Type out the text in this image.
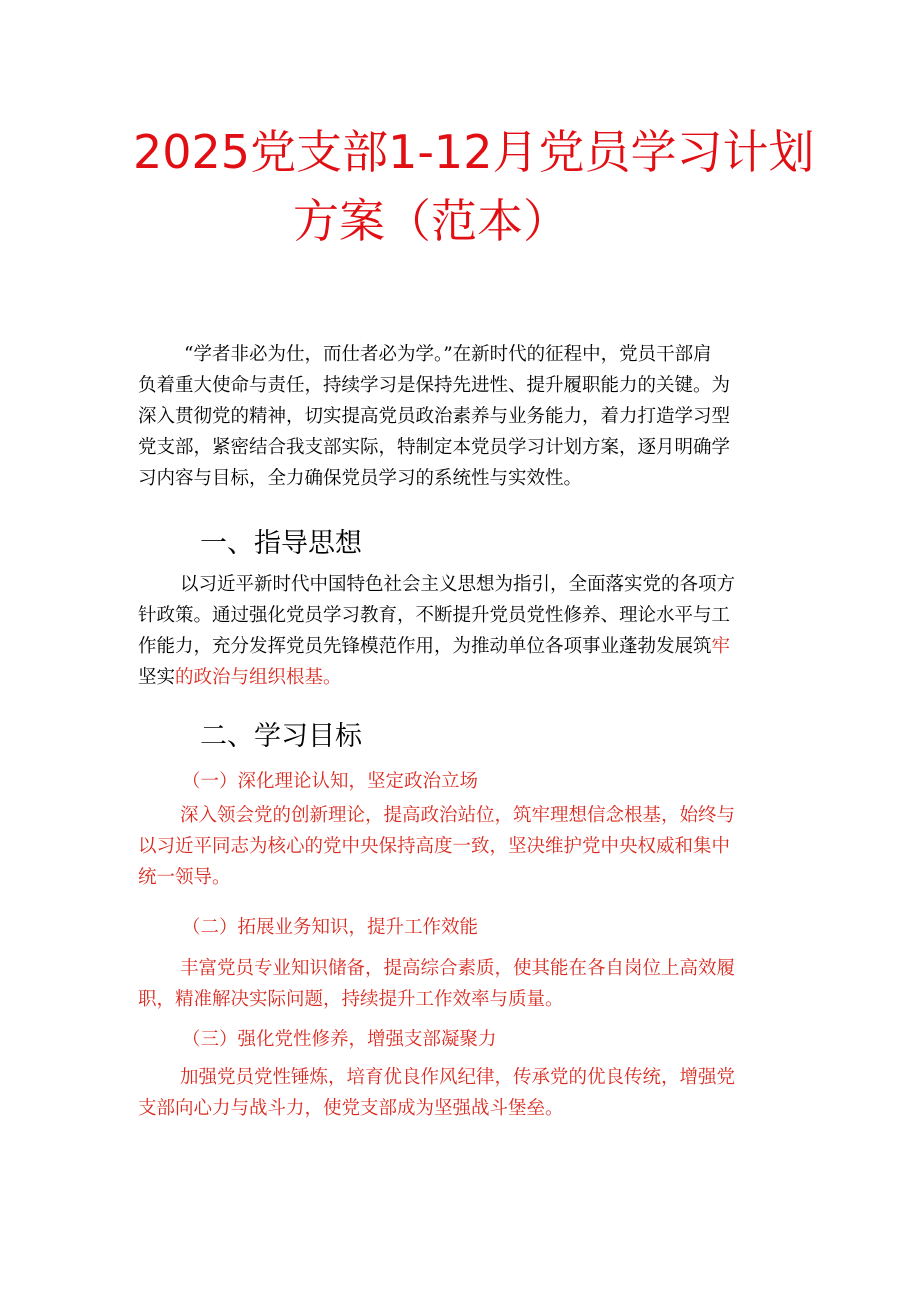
2025党支部1-12月党员学习计划
方案（范本）
“学者非必为仕，而仕者必为学。”在新时代的征程中，党员干部肩
负着重大使命与责任，持续学习是保持先进性、提升履职能力的关键。为
深入贯彻党的精神，切实提高党员政治素养与业务能力，着力打造学习型
党支部，紧密结合我支部实际，特制定本党员学习计划方案，逐月明确学
习内容与目标，全力确保党员学习的系统性与实效性。
一、指导思想
以习近平新时代中国特色社会主义思想为指引，全面落实党的各项方
针政策。通过强化党员学习教育，不断提升党员党性修养、理论水平与工
作能力，充分发挥党员先锋模范作用，为推动单位各项事业蓬勃发展筑牢
坚实的政治与组织根基。
二、学习目标
（一）深化理论认知，坚定政治立场
深入领会党的创新理论，提高政治站位，筑牢理想信念根基，始终与
以习近平同志为核心的党中央保持高度一致，坚决维护党中央权威和集中
统一领导。
（二）拓展业务知识，提升工作效能
丰富党员专业知识储备，提高综合素质，使其能在各自岗位上高效履
职，精准解决实际问题，持续提升工作效率与质量。
（三）强化党性修养，增强支部凝聚力
加强党员党性锤炼，培育优良作风纪律，传承党的优良传统，增强党
支部向心力与战斗力，使党支部成为坚强战斗堡垒。
